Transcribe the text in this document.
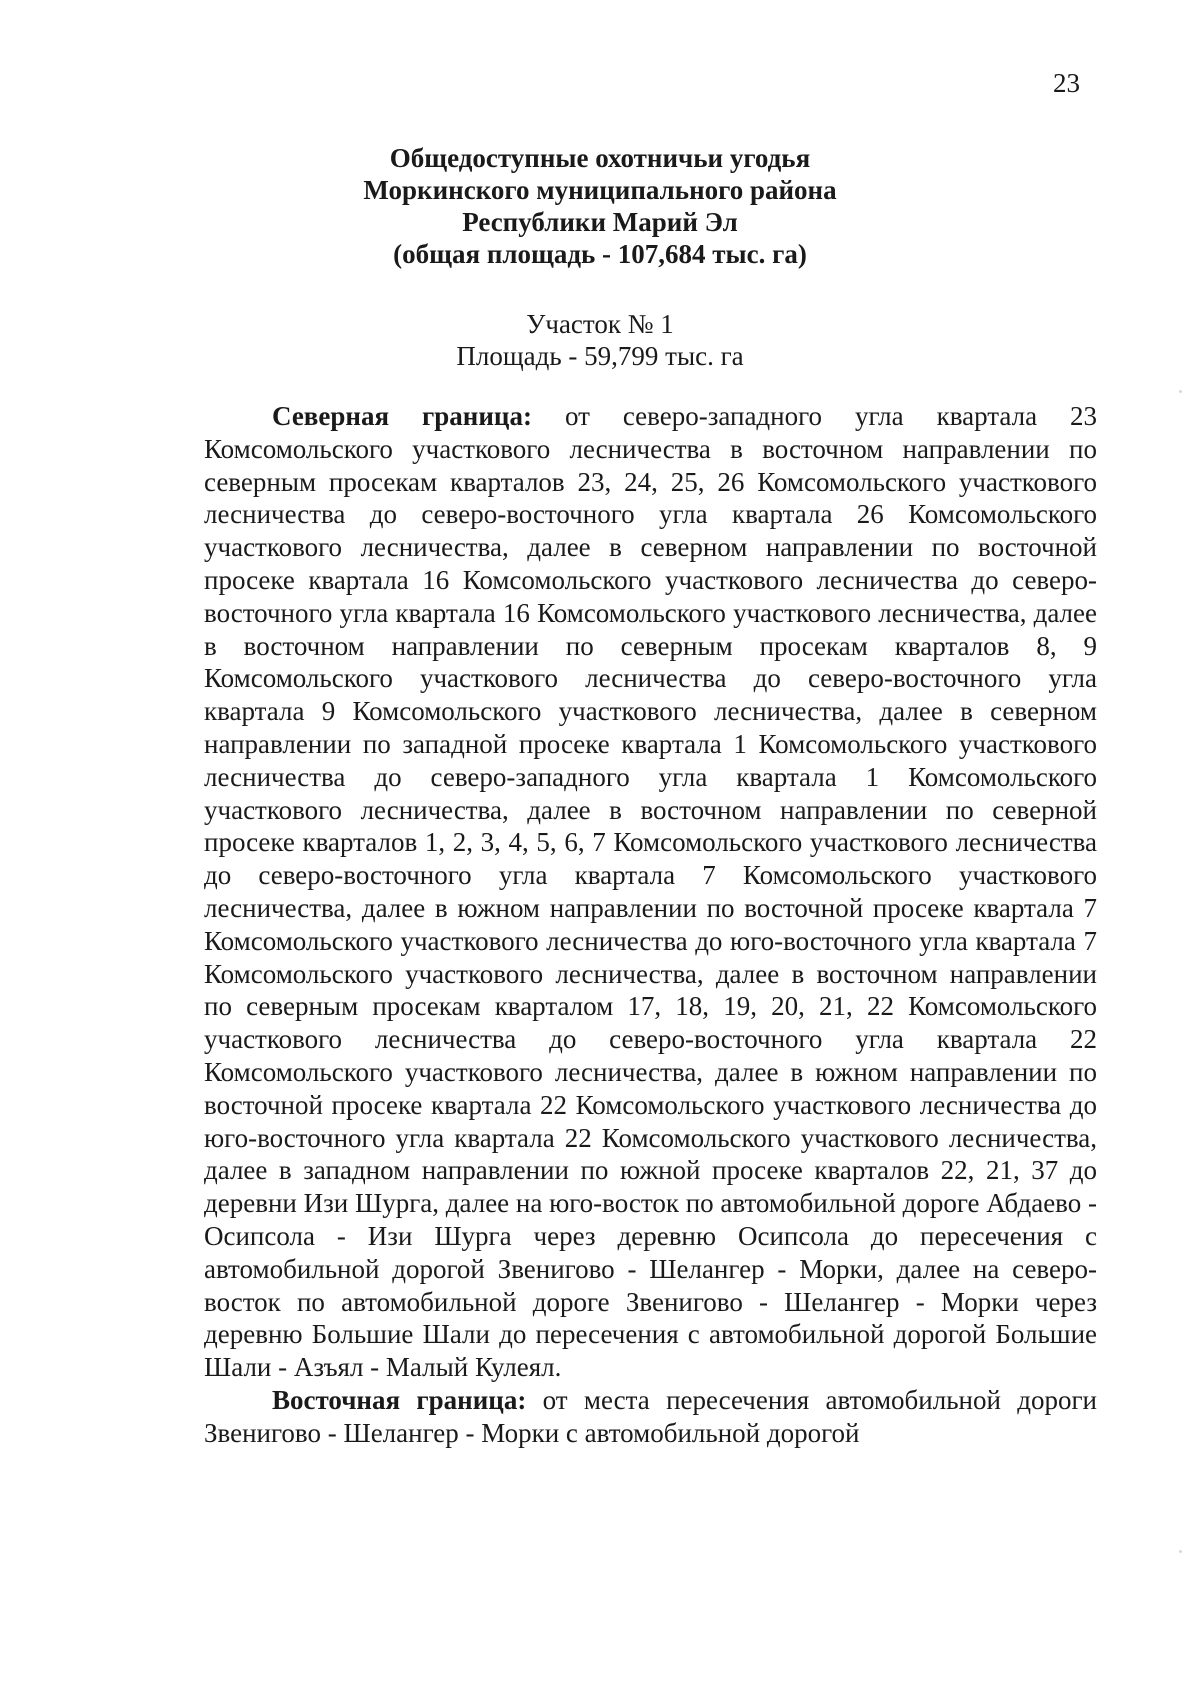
23
Общедоступные охотничьи угодья
Моркинского муниципального района
Республики Марий Эл
(общая площадь - 107,684 тыс. га)
Участок № 1
Площадь - 59,799 тыс. га

Северная граница: от северо-западного угла квартала 23 Комсомольского участкового лесничества в восточном направлении по северным просекам кварталов 23, 24, 25, 26 Комсомольского участкового лесничества до северо-восточного угла квартала 26 Комсомольского участкового лесничества, далее в северном направлении по восточной просеке квартала 16 Комсомольского участкового лесничества до северо-восточного угла квартала 16 Комсомольского участкового лесничества, далее в восточном направлении по северным просекам кварталов 8, 9 Комсомольского участкового лесничества до северо-восточного угла квартала 9 Комсомольского участкового лесничества, далее в северном направлении по западной просеке квартала 1 Комсомольского участкового лесничества до северо-западного угла квартала 1 Комсомольского участкового лесничества, далее в восточном направлении по северной просеке кварталов 1, 2, 3, 4, 5, 6, 7 Комсомольского участкового лесничества до северо-восточного угла квартала 7 Комсомольского участкового лесничества, далее в южном направлении по восточной просеке квартала 7 Комсомольского участкового лесничества до юго-восточного угла квартала 7 Комсомольского участкового лесничества, далее в восточном направлении по северным просекам кварталом 17, 18, 19, 20, 21, 22 Комсомольского участкового лесничества до северо-восточного угла квартала 22 Комсомольского участкового лесничества, далее в южном направлении по восточной просеке квартала 22 Комсомольского участкового лесничества до юго-восточного угла квартала 22 Комсомольского участкового лесничества, далее в западном направлении по южной просеке кварталов 22, 21, 37 до деревни Изи Шурга, далее на юго-восток по автомобильной дороге Абдаево - Осипсола - Изи Шурга через деревню Осипсола до пересечения с автомобильной дорогой Звенигово - Шелангер - Морки, далее на северо-восток по автомобильной дороге Звенигово - Шелангер - Морки через деревню Большие Шали до пересечения с автомобильной дорогой Большие Шали - Азъял - Малый Кулеял.

Восточная граница: от места пересечения автомобильной дороги Звенигово - Шелангер - Морки с автомобильной дорогой
